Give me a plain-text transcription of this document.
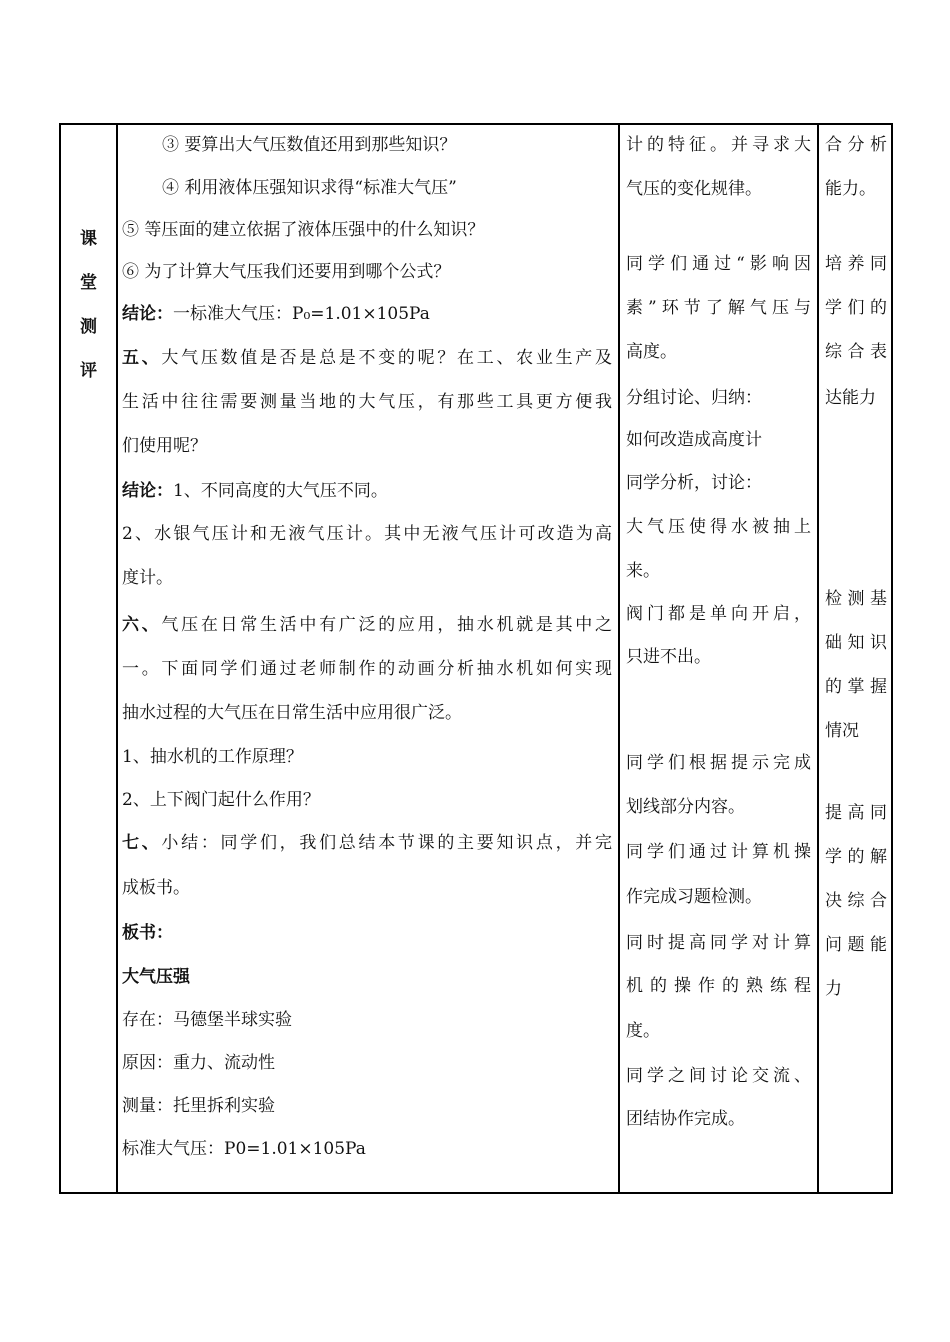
课
堂
测
评
③ 要算出大气压数值还用到那些知识？
④ 利用液体压强知识求得“标准大气压”
⑤ 等压面的建立依据了液体压强中的什么知识？
⑥ 为了计算大气压我们还要用到哪个公式？
结论：一标准大气压：P₀=1.01×105Pa
五、大气压数值是否是总是不变的呢？在工、农业生产及
生活中往往需要测量当地的大气压，有那些工具更方便我
们使用呢？
结论：1、不同高度的大气压不同。
2、水银气压计和无液气压计。其中无液气压计可改造为高
度计。
六、气压在日常生活中有广泛的应用，抽水机就是其中之
一。下面同学们通过老师制作的动画分析抽水机如何实现
抽水过程的大气压在日常生活中应用很广泛。
1、抽水机的工作原理？
2、上下阀门起什么作用？
七、小结：同学们，我们总结本节课的主要知识点，并完
成板书。
板书：
大气压强
存在：马德堡半球实验
原因：重力、流动性
测量：托里拆利实验
标准大气压：P0=1.01×105Pa
计的特征。并寻求大
气压的变化规律。
同学们通过“影响因
素”环节了解气压与
高度。
分组讨论、归纳：
如何改造成高度计
同学分析，讨论：
大气压使得水被抽上
来。
阀门都是单向开启，
只进不出。
同学们根据提示完成
划线部分内容。
同学们通过计算机操
作完成习题检测。
同时提高同学对计算
机的操作的熟练程
度。
同学之间讨论交流、
团结协作完成。
合分析
能力。
培养同
学们的
综合表
达能力
检测基
础知识
的掌握
情况
提高同
学的解
决综合
问题能
力
